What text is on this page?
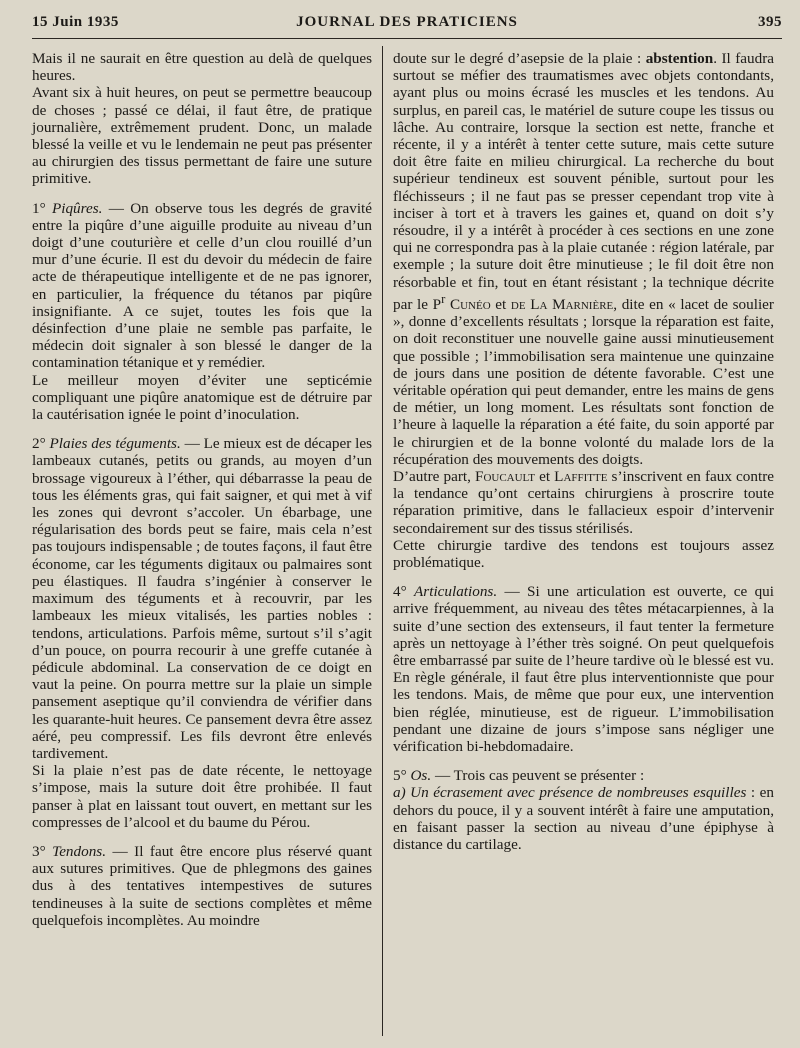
15 Juin 1935	JOURNAL DES PRATICIENS	395

Mais il ne saurait en être question au delà de quelques heures.

Avant six à huit heures, on peut se permettre beaucoup de choses ; passé ce délai, il faut être, de pratique journalière, extrêmement prudent. Donc, un malade blessé la veille et vu le lendemain ne peut pas présenter au chirurgien des tissus permettant de faire une suture primitive.

1° Piqûres. — On observe tous les degrés de gravité entre la piqûre d’une aiguille produite au niveau d’un doigt d’une couturière et celle d’un clou rouillé d’un mur d’une écurie. Il est du devoir du médecin de faire acte de thérapeutique intelligente et de ne pas ignorer, en particulier, la fréquence du tétanos par piqûre insignifiante. A ce sujet, toutes les fois que la désinfection d’une plaie ne semble pas parfaite, le médecin doit signaler à son blessé le danger de la contamination tétanique et y remédier.

Le meilleur moyen d’éviter une septicémie compliquant une piqûre anatomique est de détruire par la cautérisation ignée le point d’inoculation.

2° Plaies des téguments. — Le mieux est de décaper les lambeaux cutanés, petits ou grands, au moyen d’un brossage vigoureux à l’éther, qui débarrasse la peau de tous les éléments gras, qui fait saigner, et qui met à vif les zones qui devront s’accoler. Un ébarbage, une régularisation des bords peut se faire, mais cela n’est pas toujours indispensable ; de toutes façons, il faut être économe, car les téguments digitaux ou palmaires sont peu élastiques. Il faudra s’ingénier à conserver le maximum des téguments et à recouvrir, par les lambeaux les mieux vitalisés, les parties nobles : tendons, articulations. Parfois même, surtout s’il s’agit d’un pouce, on pourra recourir à une greffe cutanée à pédicule abdominal. La conservation de ce doigt en vaut la peine. On pourra mettre sur la plaie un simple pansement aseptique qu’il conviendra de vérifier dans les quarante-huit heures. Ce pansement devra être assez aéré, peu compressif. Les fils devront être enlevés tardivement.

Si la plaie n’est pas de date récente, le nettoyage s’impose, mais la suture doit être prohibée. Il faut panser à plat en laissant tout ouvert, en mettant sur les compresses de l’alcool et du baume du Pérou.

3° Tendons. — Il faut être encore plus réservé quant aux sutures primitives. Que de phlegmons des gaines dus à des tentatives intempestives de sutures tendineuses à la suite de sections complètes et même quelquefois incomplètes. Au moindre

doute sur le degré d’asepsie de la plaie : abstention. Il faudra surtout se méfier des traumatismes avec objets contondants, ayant plus ou moins écrasé les muscles et les tendons. Au surplus, en pareil cas, le matériel de suture coupe les tissus ou lâche. Au contraire, lorsque la section est nette, franche et récente, il y a intérêt à tenter cette suture, mais cette suture doit être faite en milieu chirurgical. La recherche du bout supérieur tendineux est souvent pénible, surtout pour les fléchisseurs ; il ne faut pas se presser cependant trop vite à inciser à tort et à travers les gaines et, quand on doit s’y résoudre, il y a intérêt à procéder à ces sections en une zone qui ne correspondra pas à la plaie cutanée : région latérale, par exemple ; la suture doit être minutieuse ; le fil doit être non résorbable et fin, tout en étant résistant ; la technique décrite par le $P^r$ Cunéo et de La Marnière, dite en « lacet de soulier », donne d’excellents résultats ; lorsque la réparation est faite, on doit reconstituer une nouvelle gaine aussi minutieusement que possible ; l’immobilisation sera maintenue une quinzaine de jours dans une position de détente favorable. C’est une véritable opération qui peut demander, entre les mains de gens de métier, un long moment. Les résultats sont fonction de l’heure à laquelle la réparation a été faite, du soin apporté par le chirurgien et de la bonne volonté du malade lors de la récupération des mouvements des doigts.

D’autre part, Foucault et Laffitte s’inscrivent en faux contre la tendance qu’ont certains chirurgiens à proscrire toute réparation primitive, dans le fallacieux espoir d’intervenir secondairement sur des tissus stérilisés.

Cette chirurgie tardive des tendons est toujours assez problématique.

4° Articulations. — Si une articulation est ouverte, ce qui arrive fréquemment, au niveau des têtes métacarpiennes, à la suite d’une section des extenseurs, il faut tenter la fermeture après un nettoyage à l’éther très soigné. On peut quelquefois être embarrassé par suite de l’heure tardive où le blessé est vu. En règle générale, il faut être plus interventionniste que pour les tendons. Mais, de même que pour eux, une intervention bien réglée, minutieuse, est de rigueur. L’immobilisation pendant une dizaine de jours s’impose sans négliger une vérification bi-hebdomadaire.

5° Os. — Trois cas peuvent se présenter :

a) Un écrasement avec présence de nombreuses esquilles : en dehors du pouce, il y a souvent intérêt à faire une amputation, en faisant passer la section au niveau d’une épiphyse à distance du cartilage.
